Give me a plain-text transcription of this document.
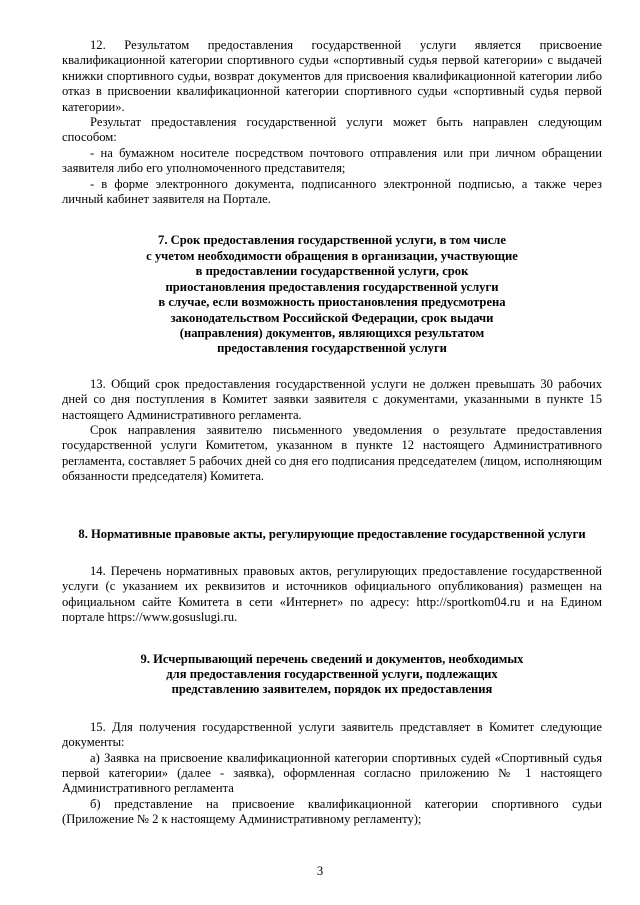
12. Результатом предоставления государственной услуги является присвоение квалификационной категории спортивного судьи «спортивный судья первой категории» с выдачей книжки спортивного судьи, возврат документов для присвоения квалификационной категории либо отказ в присвоении квалификационной категории спортивного судьи «спортивный судья первой категории».

Результат предоставления государственной услуги может быть направлен следующим способом:

- на бумажном носителе посредством почтового отправления или при личном обращении заявителя либо его уполномоченного представителя;

- в форме электронного документа, подписанного электронной подписью, а также через личный кабинет заявителя на Портале.

7. Срок предоставления государственной услуги, в том числе
с учетом необходимости обращения в организации, участвующие
в предоставлении государственной услуги, срок
приостановления предоставления государственной услуги
в случае, если возможность приостановления предусмотрена
законодательством Российской Федерации, срок выдачи
(направления) документов, являющихся результатом
предоставления государственной услуги

13. Общий срок предоставления государственной услуги не должен превышать 30 рабочих дней со дня поступления в Комитет заявки заявителя с документами, указанными в пункте 15 настоящего Административного регламента.

Срок направления заявителю письменного уведомления о результате предоставления государственной услуги Комитетом, указанном в пункте 12 настоящего Административного регламента, составляет 5 рабочих дней со дня его подписания председателем (лицом, исполняющим обязанности председателя) Комитета.

8. Нормативные правовые акты, регулирующие предоставление государственной услуги

14. Перечень нормативных правовых актов, регулирующих предоставление государственной услуги (с указанием их реквизитов и источников официального опубликования) размещен на официальном сайте Комитета в сети «Интернет» по адресу: http://sportkom04.ru и на Едином портале https://www.gosuslugi.ru.

9. Исчерпывающий перечень сведений и документов, необходимых
для предоставления государственной услуги, подлежащих
представлению заявителем, порядок их предоставления

15. Для получения государственной услуги заявитель представляет в Комитет следующие документы:

а) Заявка на присвоение квалификационной категории спортивных судей «Спортивный судья первой категории» (далее - заявка), оформленная согласно приложению № 1 настоящего Административного регламента

б) представление на присвоение квалификационной категории спортивного судьи (Приложение № 2 к настоящему Административному регламенту);

3
